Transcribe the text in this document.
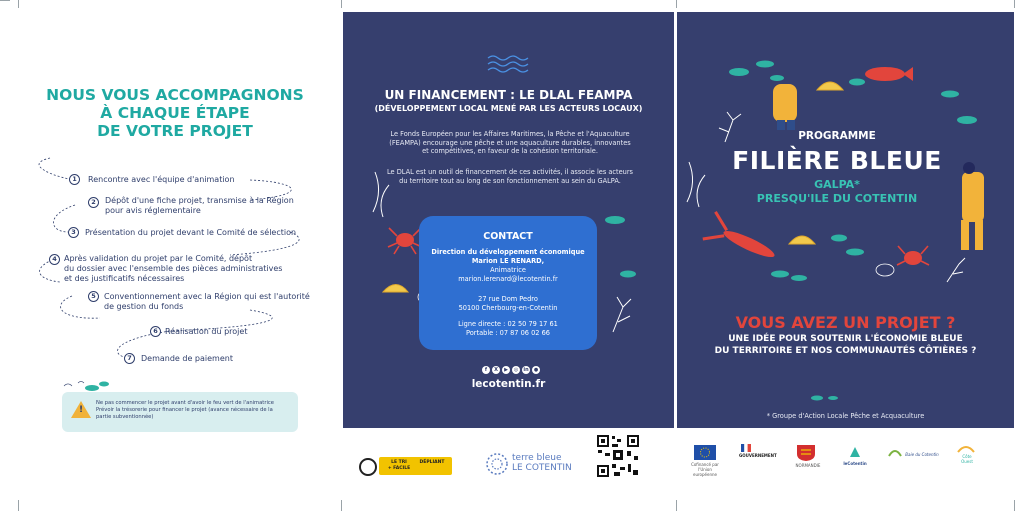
NOUS VOUS ACCOMPAGNONS
À CHAQUE ÉTAPE
DE VOTRE PROJET
1	Rencontre avec l'équipe d'animation
2	Dépôt d'une fiche projet, transmise à la Région
pour avis réglementaire
3	Présentation du projet devant le Comité de sélection
4 Après validation du projet par le Comité, dépôt
du dossier avec l'ensemble des pièces administratives
et des justificatifs nécessaires
5	Conventionnement avec la Région qui est l'autorité
de gestion du fonds
6 Réalisation du projet
7	Demande de paiement
!
Ne pas commencer le projet avant d'avoir le feu vert de l'animatrice
Prévoir la trésorerie pour financer le projet (avance nécessaire de la
partie subventionnée)
UN FINANCEMENT : LE DLAL FEAMPA
(DÉVELOPPEMENT LOCAL MENÉ PAR LES ACTEURS LOCAUX)
Le Fonds Européen pour les Affaires Maritimes, la Pêche et l'Aquaculture
(FEAMPA) encourage une pêche et une aquaculture durables, innovantes
et compétitives, en faveur de la cohésion territoriale.
Le DLAL est un outil de financement de ces activités, il associe les acteurs
du territoire tout au long de son fonctionnement au sein du GALPA.
CONTACT
Direction du développement économique
Marion LE RENARD,
Animatrice
marion.lerenard@lecotentin.fr
27 rue Dom Pedro
50100 Cherbourg-en-Cotentin
Ligne directe : 02 50 79 17 61
Portable : 07 87 06 02 66
f	X	▶	◎	in	●
lecotentin.fr
PROGRAMME
FILIÈRE BLEUE
GALPA*
PRESQU'ILE DU COTENTIN
VOUS AVEZ UN PROJET ?
UNE IDÉE POUR SOUTENIR L'ÉCONOMIE BLEUE
DU TERRITOIRE ET NOS COMMUNAUTÉS CÔTIÈRES ?
* Groupe d'Action Locale Pêche et Acquaculture
LE TRI
+ FACILE
DÉPLIANT	terre bleue
LE COTENTIN	Cofinancé par l'Union européenne
GOUVERNEMENT
NORMANDIE	leCotentin
Baie du Cotentin	Côte
Ouest
